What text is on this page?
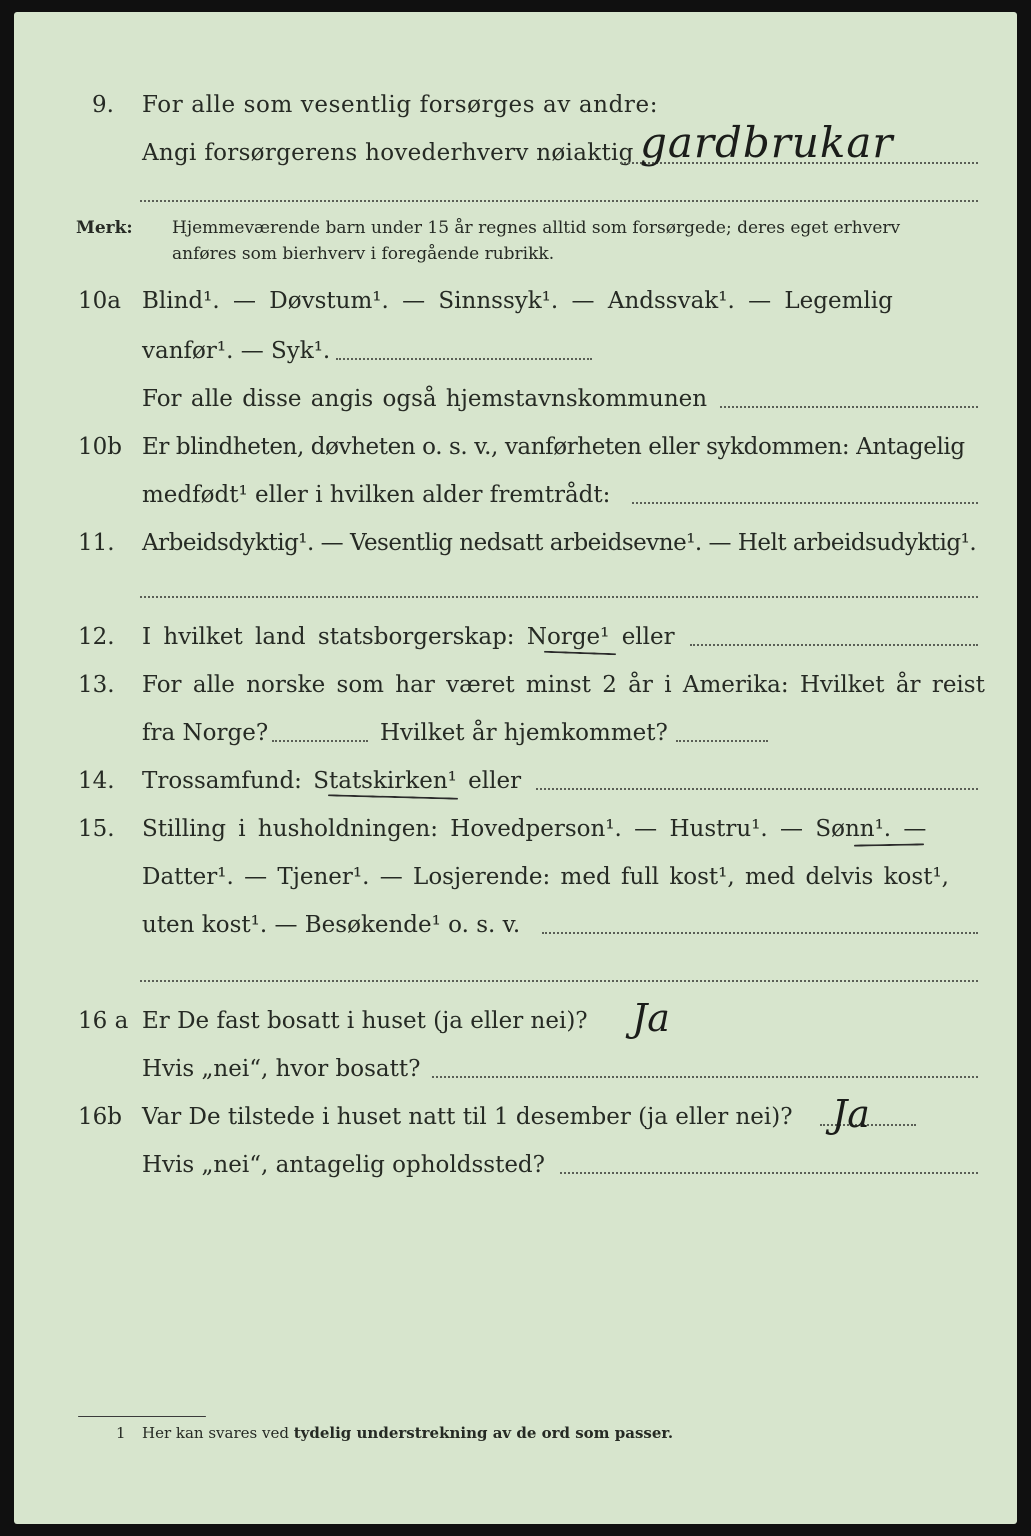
9. For alle som vesentlig forsørges av andre:
Angi forsørgerens hovederhverv nøiaktig gardbrukar
Merk: Hjemmeværende barn under 15 år regnes alltid som forsørgede; deres eget erhverv
anføres som bierhverv i foregående rubrikk.
10a Blind¹. — Døvstum¹. — Sinnssyk¹. — Andssvak¹. — Legemlig
vanfør¹. — Syk¹.
For alle disse angis også hjemstavnskommunen
10b Er blindheten, døvheten o. s. v., vanførheten eller sykdommen: Antagelig
medfødt¹ eller i hvilken alder fremtrådt:
11. Arbeidsdyktig¹. — Vesentlig nedsatt arbeidsevne¹. — Helt arbeidsudyktig¹.
12. I hvilket land statsborgerskap: Norge¹ eller
13. For alle norske som har været minst 2 år i Amerika: Hvilket år reist
fra Norge?	Hvilket år hjemkommet?
14. Trossamfund: Statskirken¹ eller
15. Stilling i husholdningen: Hovedperson¹. — Hustru¹. — Sønn¹. —
Datter¹. — Tjener¹. — Losjerende: med full kost¹, med delvis kost¹,
uten kost¹. — Besøkende¹ o. s. v.
16 a Er De fast bosatt i huset (ja eller nei)? Ja
Hvis „nei“, hvor bosatt?
16b Var De tilstede i huset natt til 1 desember (ja eller nei)? Ja
Hvis „nei“, antagelig opholdssted?
1 Her kan svares ved tydelig understrekning av de ord som passer.
